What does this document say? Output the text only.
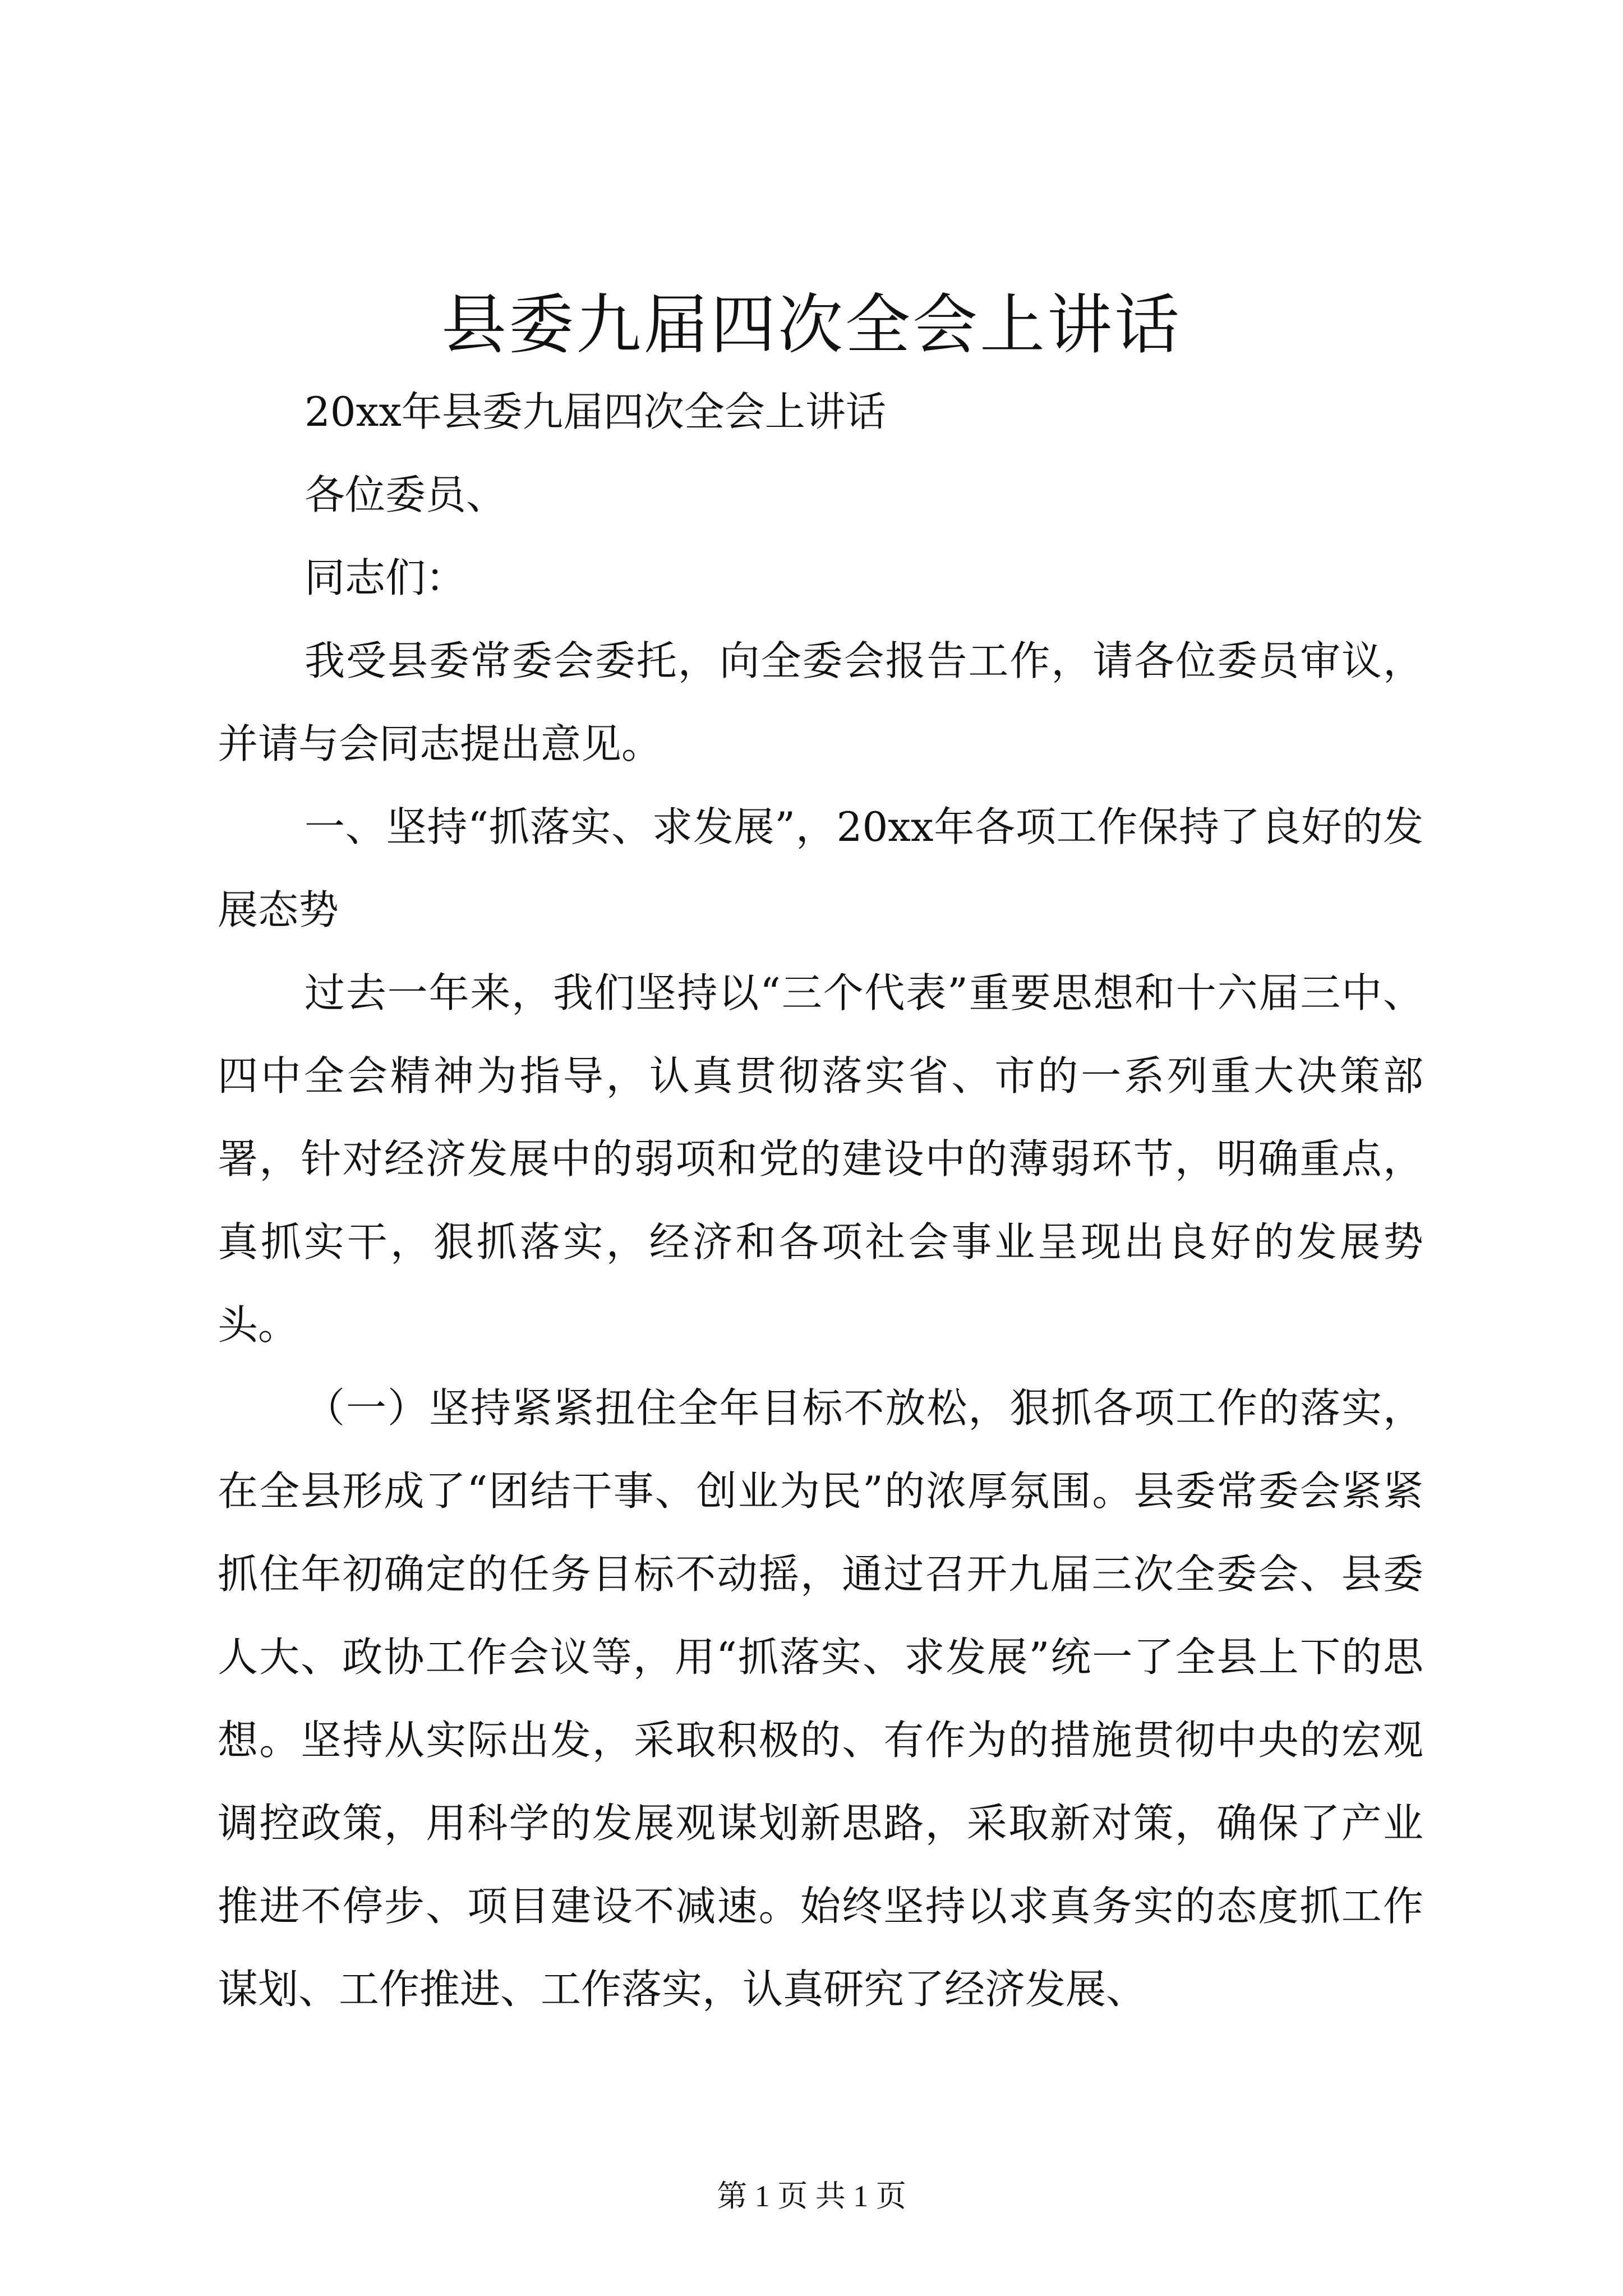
县委九届四次全会上讲话

20xx年县委九届四次全会上讲话

各位委员、

同志们：

我受县委常委会委托，向全委会报告工作，请各位委员审议，并请与会同志提出意见。

一、坚持“抓落实、求发展”，20xx年各项工作保持了良好的发展态势

过去一年来，我们坚持以“三个代表”重要思想和十六届三中、四中全会精神为指导，认真贯彻落实省、市的一系列重大决策部署，针对经济发展中的弱项和党的建设中的薄弱环节，明确重点，真抓实干，狠抓落实，经济和各项社会事业呈现出良好的发展势头。

（一）坚持紧紧扭住全年目标不放松，狠抓各项工作的落实，在全县形成了“团结干事、创业为民”的浓厚氛围。县委常委会紧紧抓住年初确定的任务目标不动摇，通过召开九届三次全委会、县委人大、政协工作会议等，用“抓落实、求发展”统一了全县上下的思想。坚持从实际出发，采取积极的、有作为的措施贯彻中央的宏观调控政策，用科学的发展观谋划新思路，采取新对策，确保了产业推进不停步、项目建设不减速。始终坚持以求真务实的态度抓工作谋划、工作推进、工作落实，认真研究了经济发展、

第 1 页 共 1 页
